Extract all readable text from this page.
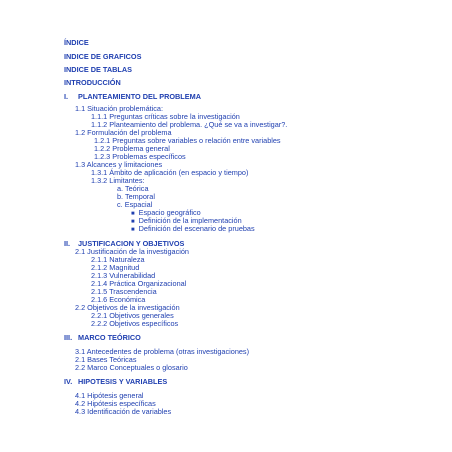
ÍNDICE
INDICE DE GRAFICOS
INDICE DE TABLAS
INTRODUCCIÓN
I. PLANTEAMIENTO DEL PROBLEMA
1.1 Situación problemática:
1.1.1 Preguntas críticas sobre la investigación
1.1.2 Planteamiento del problema. ¿Qué se va a investigar?.
1.2 Formulación del problema
1.2.1 Preguntas sobre variables o relación entre variables
1.2.2 Problema general
1.2.3 Problemas específicos
1.3 Alcances y limitaciones
1.3.1 Ámbito de aplicación (en espacio y tiempo)
1.3.2 Limitantes:
a. Teórica
b. Temporal
c. Espacial
■ Espacio geográfico
■ Definición de la implementación
■ Definición del escenario de pruebas
II. JUSTIFICACION Y OBJETIVOS
2.1 Justificación de la investigación
2.1.1 Naturaleza
2.1.2 Magnitud
2.1.3 Vulnerabilidad
2.1.4 Práctica Organizacional
2.1.5 Trascendencia
2.1.6 Económica
2.2 Objetivos de la investigación
2.2.1 Objetivos generales
2.2.2 Objetivos específicos
III. MARCO TEÓRICO
3.1 Antecedentes de problema (otras investigaciones)
2.1 Bases Teóricas
2.2 Marco Conceptuales o glosario
IV. HIPOTESIS Y VARIABLES
4.1 Hipótesis general
4.2 Hipótesis específicas
4.3 Identificación de variables
